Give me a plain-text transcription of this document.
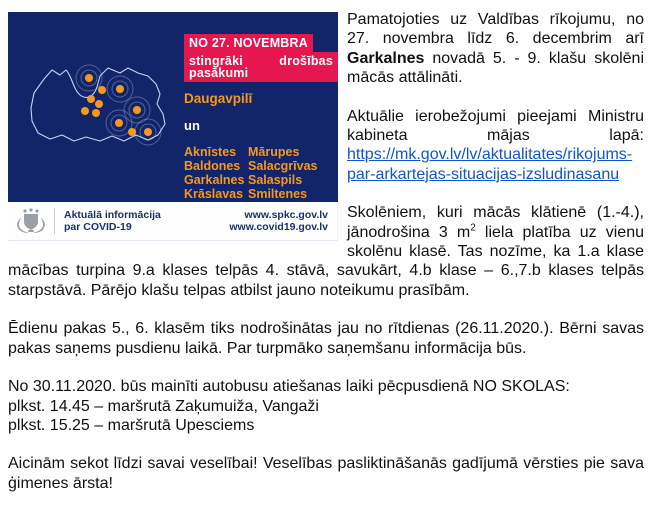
NO 27. NOVEMBRA
stingrāki drošības pasākumi
Daugavpilī
un
Aknīstes
Baldones
Garkalnes
Krāslavas
Mārupes
Salacgrīvas
Salaspils
Smiltenes
Aktuālā informācija
par COVID-19
www.spkc.gov.lv
www.covid19.gov.lv

Pamatojoties uz Valdības rīkojumu, no 27. novembra līdz 6. decembrim arī Garkalnes novadā 5. - 9. klašu skolēni mācās attālināti.

Aktuālie ierobežojumi pieejami Ministru kabineta mājas lapā: https://mk.gov.lv/lv/aktualitates/rikojums-par-arkartejas-situacijas-izsludinasanu

Skolēniem, kuri mācās klātienē (1.-4.), jānodrošina 3 $m^2$ liela platība uz vienu skolēnu klasē. Tas nozīme, ka 1.a klase mācības turpina 9.a klases telpās 4. stāvā, savukārt, 4.b klase – 6.,7.b klases telpās starpstāvā. Pārējo klašu telpas atbilst jauno noteikumu prasībām.

Ēdienu pakas 5., 6. klasēm tiks nodrošinātas jau no rītdienas (26.11.2020.). Bērni savas pakas saņems pusdienu laikā. Par turpmāko saņemšanu informācija būs.

No 30.11.2020. būs mainīti autobusu atiešanas laiki pēcpusdienā NO SKOLAS:
plkst. 14.45 – maršrutā Zaķumuiža, Vangaži
plkst. 15.25 – maršrutā Upesciems

Aicinām sekot līdzi savai veselībai! Veselības pasliktināšanās gadījumā vērsties pie sava ģimenes ārsta!
